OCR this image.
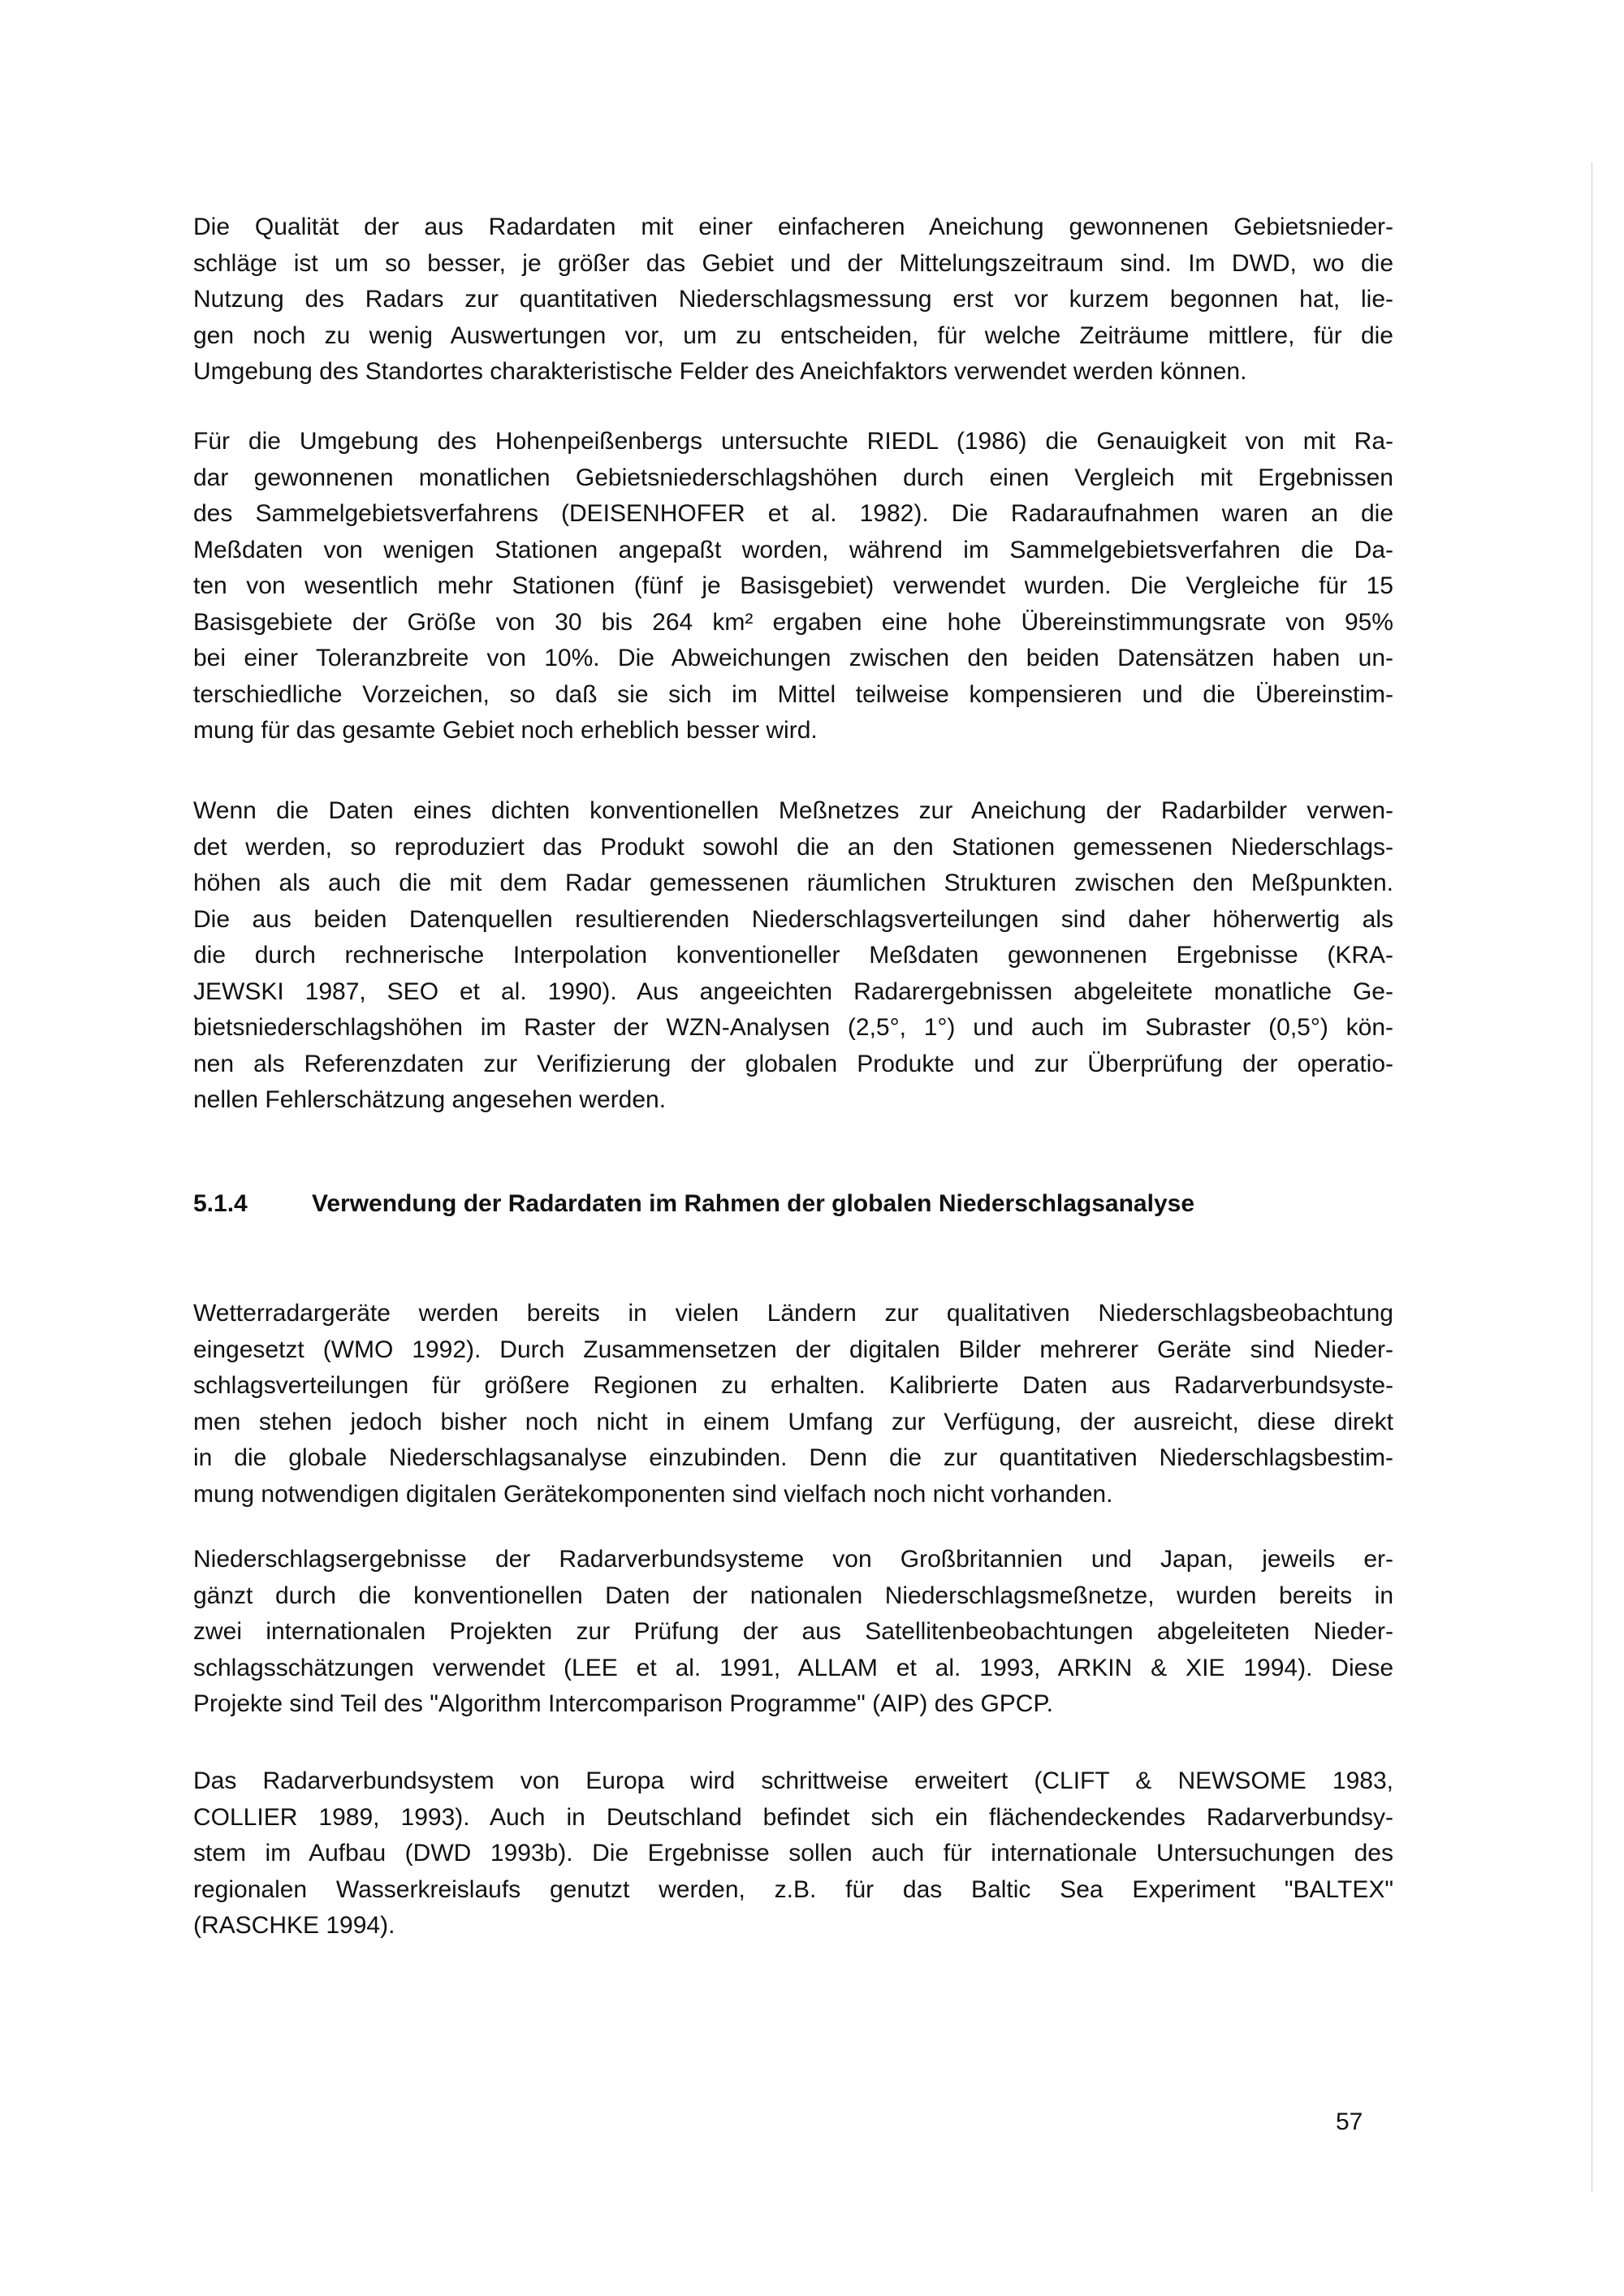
Die Qualität der aus Radardaten mit einer einfacheren Aneichung gewonnenen Gebietsnieder-
schläge ist um so besser, je größer das Gebiet und der Mittelungszeitraum sind. Im DWD, wo die
Nutzung des Radars zur quantitativen Niederschlagsmessung erst vor kurzem begonnen hat, lie-
gen noch zu wenig Auswertungen vor, um zu entscheiden, für welche Zeiträume mittlere, für die
Umgebung des Standortes charakteristische Felder des Aneichfaktors verwendet werden können.
Für die Umgebung des Hohenpeißenbergs untersuchte RIEDL (1986) die Genauigkeit von mit Ra-
dar gewonnenen monatlichen Gebietsniederschlagshöhen durch einen Vergleich mit Ergebnissen
des Sammelgebietsverfahrens (DEISENHOFER et al. 1982). Die Radaraufnahmen waren an die
Meßdaten von wenigen Stationen angepaßt worden, während im Sammelgebietsverfahren die Da-
ten von wesentlich mehr Stationen (fünf je Basisgebiet) verwendet wurden. Die Vergleiche für 15
Basisgebiete der Größe von 30 bis 264 km² ergaben eine hohe Übereinstimmungsrate von 95%
bei einer Toleranzbreite von 10%. Die Abweichungen zwischen den beiden Datensätzen haben un-
terschiedliche Vorzeichen, so daß sie sich im Mittel teilweise kompensieren und die Übereinstim-
mung für das gesamte Gebiet noch erheblich besser wird.
Wenn die Daten eines dichten konventionellen Meßnetzes zur Aneichung der Radarbilder verwen-
det werden, so reproduziert das Produkt sowohl die an den Stationen gemessenen Niederschlags-
höhen als auch die mit dem Radar gemessenen räumlichen Strukturen zwischen den Meßpunkten.
Die aus beiden Datenquellen resultierenden Niederschlagsverteilungen sind daher höherwertig als
die durch rechnerische Interpolation konventioneller Meßdaten gewonnenen Ergebnisse (KRA-
JEWSKI 1987, SEO et al. 1990). Aus angeeichten Radarergebnissen abgeleitete monatliche Ge-
bietsniederschlagshöhen im Raster der WZN-Analysen (2,5°, 1°) und auch im Subraster (0,5°) kön-
nen als Referenzdaten zur Verifizierung der globalen Produkte und zur Überprüfung der operatio-
nellen Fehlerschätzung angesehen werden.
5.1.4	Verwendung der Radardaten im Rahmen der globalen Niederschlagsanalyse
Wetterradargeräte werden bereits in vielen Ländern zur qualitativen Niederschlagsbeobachtung
eingesetzt (WMO 1992). Durch Zusammensetzen der digitalen Bilder mehrerer Geräte sind Nieder-
schlagsverteilungen für größere Regionen zu erhalten. Kalibrierte Daten aus Radarverbundsyste-
men stehen jedoch bisher noch nicht in einem Umfang zur Verfügung, der ausreicht, diese direkt
in die globale Niederschlagsanalyse einzubinden. Denn die zur quantitativen Niederschlagsbestim-
mung notwendigen digitalen Gerätekomponenten sind vielfach noch nicht vorhanden.
Niederschlagsergebnisse der Radarverbundsysteme von Großbritannien und Japan, jeweils er-
gänzt durch die konventionellen Daten der nationalen Niederschlagsmeßnetze, wurden bereits in
zwei internationalen Projekten zur Prüfung der aus Satellitenbeobachtungen abgeleiteten Nieder-
schlagsschätzungen verwendet (LEE et al. 1991, ALLAM et al. 1993, ARKIN & XIE 1994). Diese
Projekte sind Teil des "Algorithm Intercomparison Programme" (AIP) des GPCP.
Das Radarverbundsystem von Europa wird schrittweise erweitert (CLIFT & NEWSOME 1983,
COLLIER 1989, 1993). Auch in Deutschland befindet sich ein flächendeckendes Radarverbundsy-
stem im Aufbau (DWD 1993b). Die Ergebnisse sollen auch für internationale Untersuchungen des
regionalen Wasserkreislaufs genutzt werden, z.B. für das Baltic Sea Experiment "BALTEX"
(RASCHKE 1994).
57
